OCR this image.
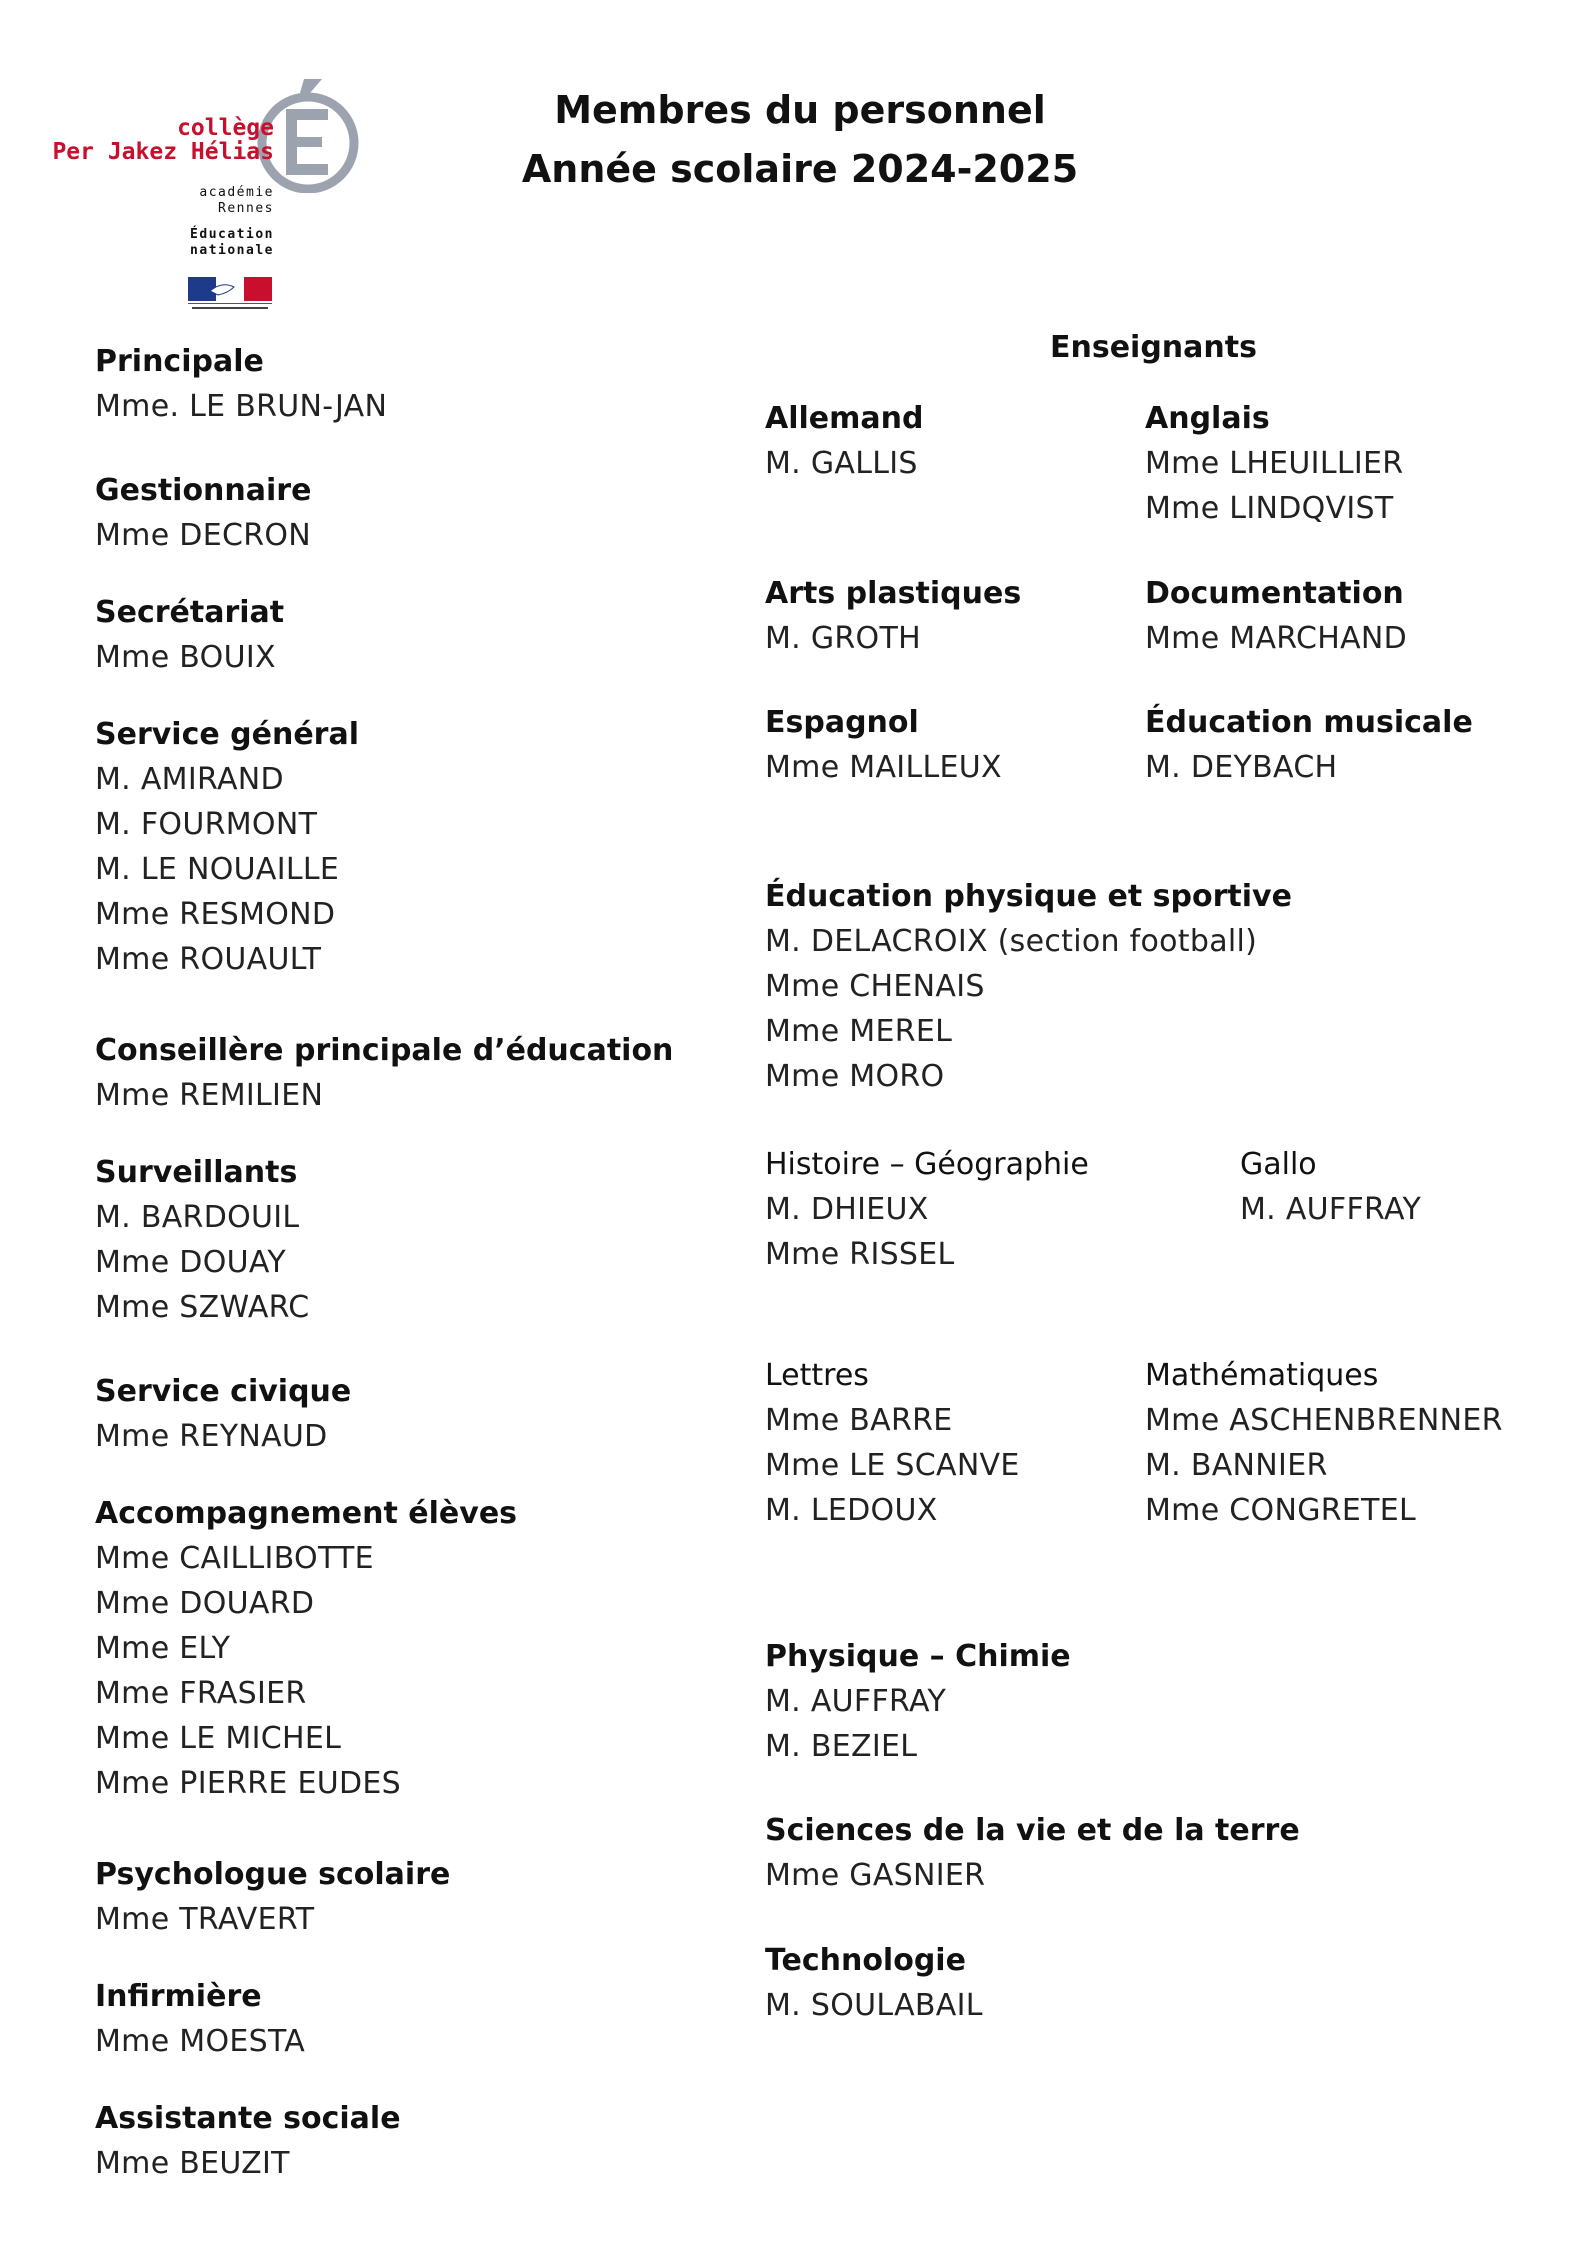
collège
Per Jakez Hélias
académie
Rennes
Éducation
nationale
Membres du personnel
Année scolaire 2024-2025
Principale
Mme. LE BRUN-JAN
Gestionnaire
Mme DECRON
Secrétariat
Mme BOUIX
Service général
M. AMIRAND
M. FOURMONT
M. LE NOUAILLE
Mme RESMOND
Mme ROUAULT
Conseillère principale d’éducation
Mme REMILIEN
Surveillants
M. BARDOUIL
Mme DOUAY
Mme SZWARC
Service civique
Mme REYNAUD
Accompagnement élèves
Mme CAILLIBOTTE
Mme DOUARD
Mme ELY
Mme FRASIER
Mme LE MICHEL
Mme PIERRE EUDES
Psychologue scolaire
Mme TRAVERT
Infirmière
Mme MOESTA
Assistante sociale
Mme BEUZIT
Enseignants
Allemand
M. GALLIS
Anglais
Mme LHEUILLIER
Mme LINDQVIST
Arts plastiques
M. GROTH
Documentation
Mme MARCHAND
Espagnol
Mme MAILLEUX
Éducation musicale
M. DEYBACH
Éducation physique et sportive
M. DELACROIX (section football)
Mme CHENAIS
Mme MEREL
Mme MORO
Histoire – Géographie
M. DHIEUX
Mme RISSEL
Gallo
M. AUFFRAY
Lettres
Mme BARRE
Mme LE SCANVE
M. LEDOUX
Mathématiques
Mme ASCHENBRENNER
M. BANNIER
Mme CONGRETEL
Physique – Chimie
M. AUFFRAY
M. BEZIEL
Sciences de la vie et de la terre
Mme GASNIER
Technologie
M. SOULABAIL
